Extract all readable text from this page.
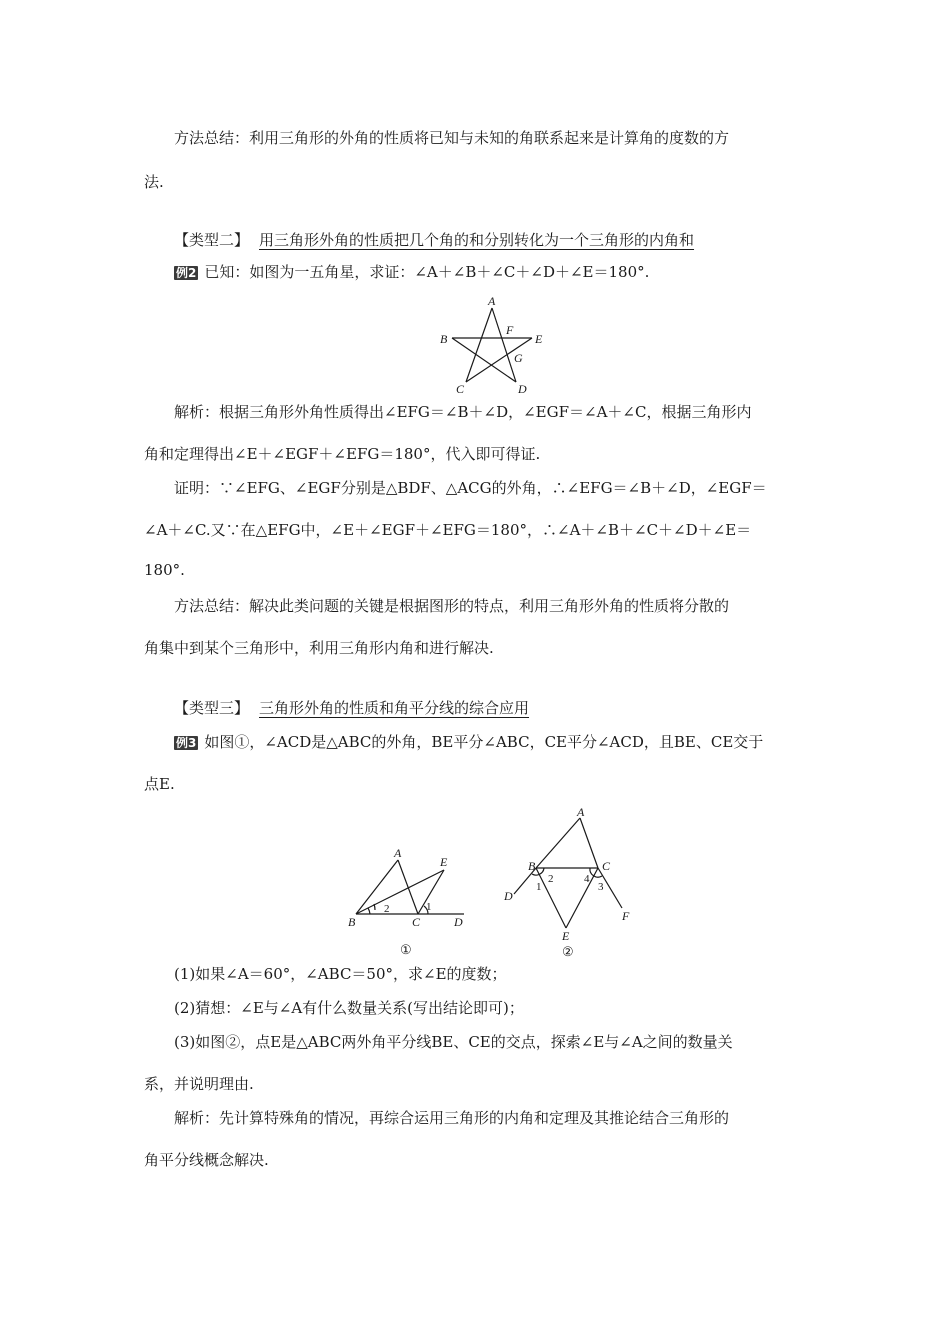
方法总结：利用三角形的外角的性质将已知与未知的角联系起来是计算角的度数的方
法.
【类型二】 用三角形外角的性质把几个角的和分别转化为一个三角形的内角和
例2 已知：如图为一五角星，求证：∠A＋∠B＋∠C＋∠D＋∠E＝180°.
A
B
C	D
E
F
G
解析：根据三角形外角性质得出∠EFG＝∠B＋∠D，∠EGF＝∠A＋∠C，根据三角形内
角和定理得出∠E＋∠EGF＋∠EFG＝180°，代入即可得证.
证明：∵∠EFG、∠EGF分别是△BDF、△ACG的外角，∴∠EFG＝∠B＋∠D，∠EGF＝
∠A＋∠C.又∵在△EFG中，∠E＋∠EGF＋∠EFG＝180°，∴∠A＋∠B＋∠C＋∠D＋∠E＝
180°.
方法总结：解决此类问题的关键是根据图形的特点，利用三角形外角的性质将分散的
角集中到某个三角形中，利用三角形内角和进行解决.
【类型三】 三角形外角的性质和角平分线的综合应用
例3 如图①，∠ACD是△ABC的外角，BE平分∠ABC，CE平分∠ACD，且BE、CE交于
点E.
A
B	C	D
E
1
2
①
A
B	C
D
E
F
1
2
3
4
②
(1)如果∠A＝60°，∠ABC＝50°，求∠E的度数；
(2)猜想：∠E与∠A有什么数量关系(写出结论即可)；
(3)如图②，点E是△ABC两外角平分线BE、CE的交点，探索∠E与∠A之间的数量关
系，并说明理由.
解析：先计算特殊角的情况，再综合运用三角形的内角和定理及其推论结合三角形的
角平分线概念解决.
